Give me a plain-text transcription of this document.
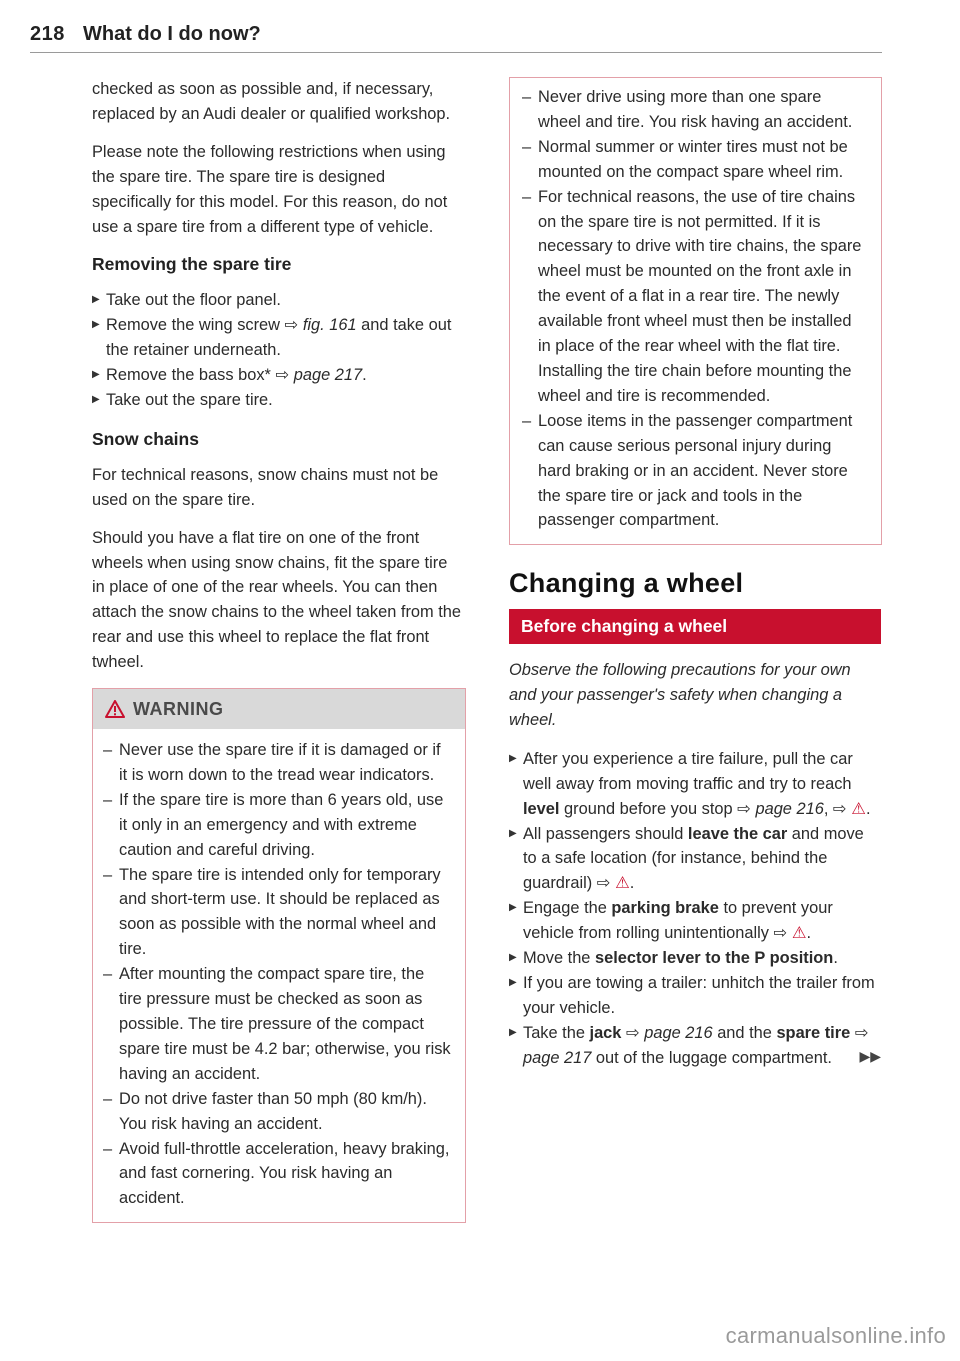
218 What do I do now?

checked as soon as possible and, if necessary, replaced by an Audi dealer or qualified workshop.

Please note the following restrictions when using the spare tire. The spare tire is designed specifically for this model. For this reason, do not use a spare tire from a different type of vehicle.

Removing the spare tire

▶ Take out the floor panel.

▶ Remove the wing screw ⇨ fig. 161 and take out the retainer underneath.

▶ Remove the bass box* ⇨ page 217.

▶ Take out the spare tire.

Snow chains

For technical reasons, snow chains must not be used on the spare tire.

Should you have a flat tire on one of the front wheels when using snow chains, fit the spare tire in place of one of the rear wheels. You can then attach the snow chains to the wheel taken from the rear and use this wheel to replace the flat front twheel.

WARNING

– Never use the spare tire if it is damaged or if it is worn down to the tread wear indicators.

– If the spare tire is more than 6 years old, use it only in an emergency and with extreme caution and careful driving.

– The spare tire is intended only for temporary and short-term use. It should be replaced as soon as possible with the normal wheel and tire.

– After mounting the compact spare tire, the tire pressure must be checked as soon as possible. The tire pressure of the compact spare tire must be 4.2 bar; otherwise, you risk having an accident.

– Do not drive faster than 50 mph (80 km/h). You risk having an accident.

– Avoid full-throttle acceleration, heavy braking, and fast cornering. You risk having an accident.

– Never drive using more than one spare wheel and tire. You risk having an accident.

– Normal summer or winter tires must not be mounted on the compact spare wheel rim.

– For technical reasons, the use of tire chains on the spare tire is not permitted. If it is necessary to drive with tire chains, the spare wheel must be mounted on the front axle in the event of a flat in a rear tire. The newly available front wheel must then be installed in place of the rear wheel with the flat tire. Installing the tire chain before mounting the wheel and tire is recommended.

– Loose items in the passenger compartment can cause serious personal injury during hard braking or in an accident. Never store the spare tire or jack and tools in the passenger compartment.

Changing a wheel
Before changing a wheel

Observe the following precautions for your own and your passenger's safety when changing a wheel.

▶ After you experience a tire failure, pull the car well away from moving traffic and try to reach level ground before you stop ⇨ page 216, ⇨ ⚠.

▶ All passengers should leave the car and move to a safe location (for instance, behind the guardrail) ⇨ ⚠.

▶ Engage the parking brake to prevent your vehicle from rolling unintentionally ⇨ ⚠.

▶ Move the selector lever to the P position.

▶ If you are towing a trailer: unhitch the trailer from your vehicle.

▶ Take the jack ⇨ page 216 and the spare tire ⇨ page 217 out of the luggage compartment.	▶▶
carmanualsonline.info
